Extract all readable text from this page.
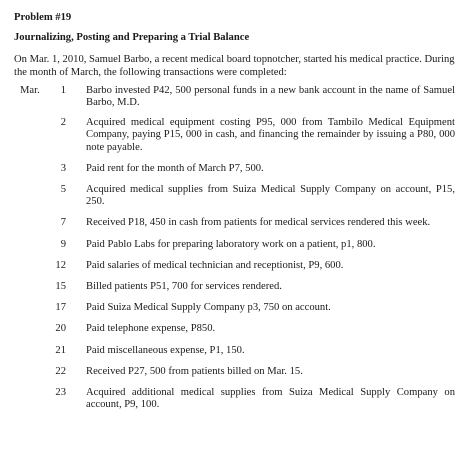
Problem #19
Journalizing, Posting and Preparing a Trial Balance
On Mar. 1, 2010, Samuel Barbo, a recent medical board topnotcher, started his medical practice. During the month of March, the following transactions were completed:
Mar.	1	Barbo invested P42, 500 personal funds in a new bank account in the name of Samuel Barbo, M.D.
2	Acquired medical equipment costing P95, 000 from Tambilo Medical Equipment Company, paying P15, 000 in cash, and financing the remainder by issuing a P80, 000 note payable.
3	Paid rent for the month of March P7, 500.
5	Acquired medical supplies from Suiza Medical Supply Company on account, P15, 250.
7	Received P18, 450 in cash from patients for medical services rendered this week.
9	Paid Pablo Labs for preparing laboratory work on a patient, p1, 800.
12	Paid salaries of medical technician and receptionist, P9, 600.
15	Billed patients P51, 700 for services rendered.
17	Paid Suiza Medical Supply Company p3, 750 on account.
20	Paid telephone expense, P850.
21	Paid miscellaneous expense, P1, 150.
22	Received P27, 500 from patients billed on Mar. 15.
23	Acquired additional medical supplies from Suiza Medical Supply Company on account, P9, 100.
